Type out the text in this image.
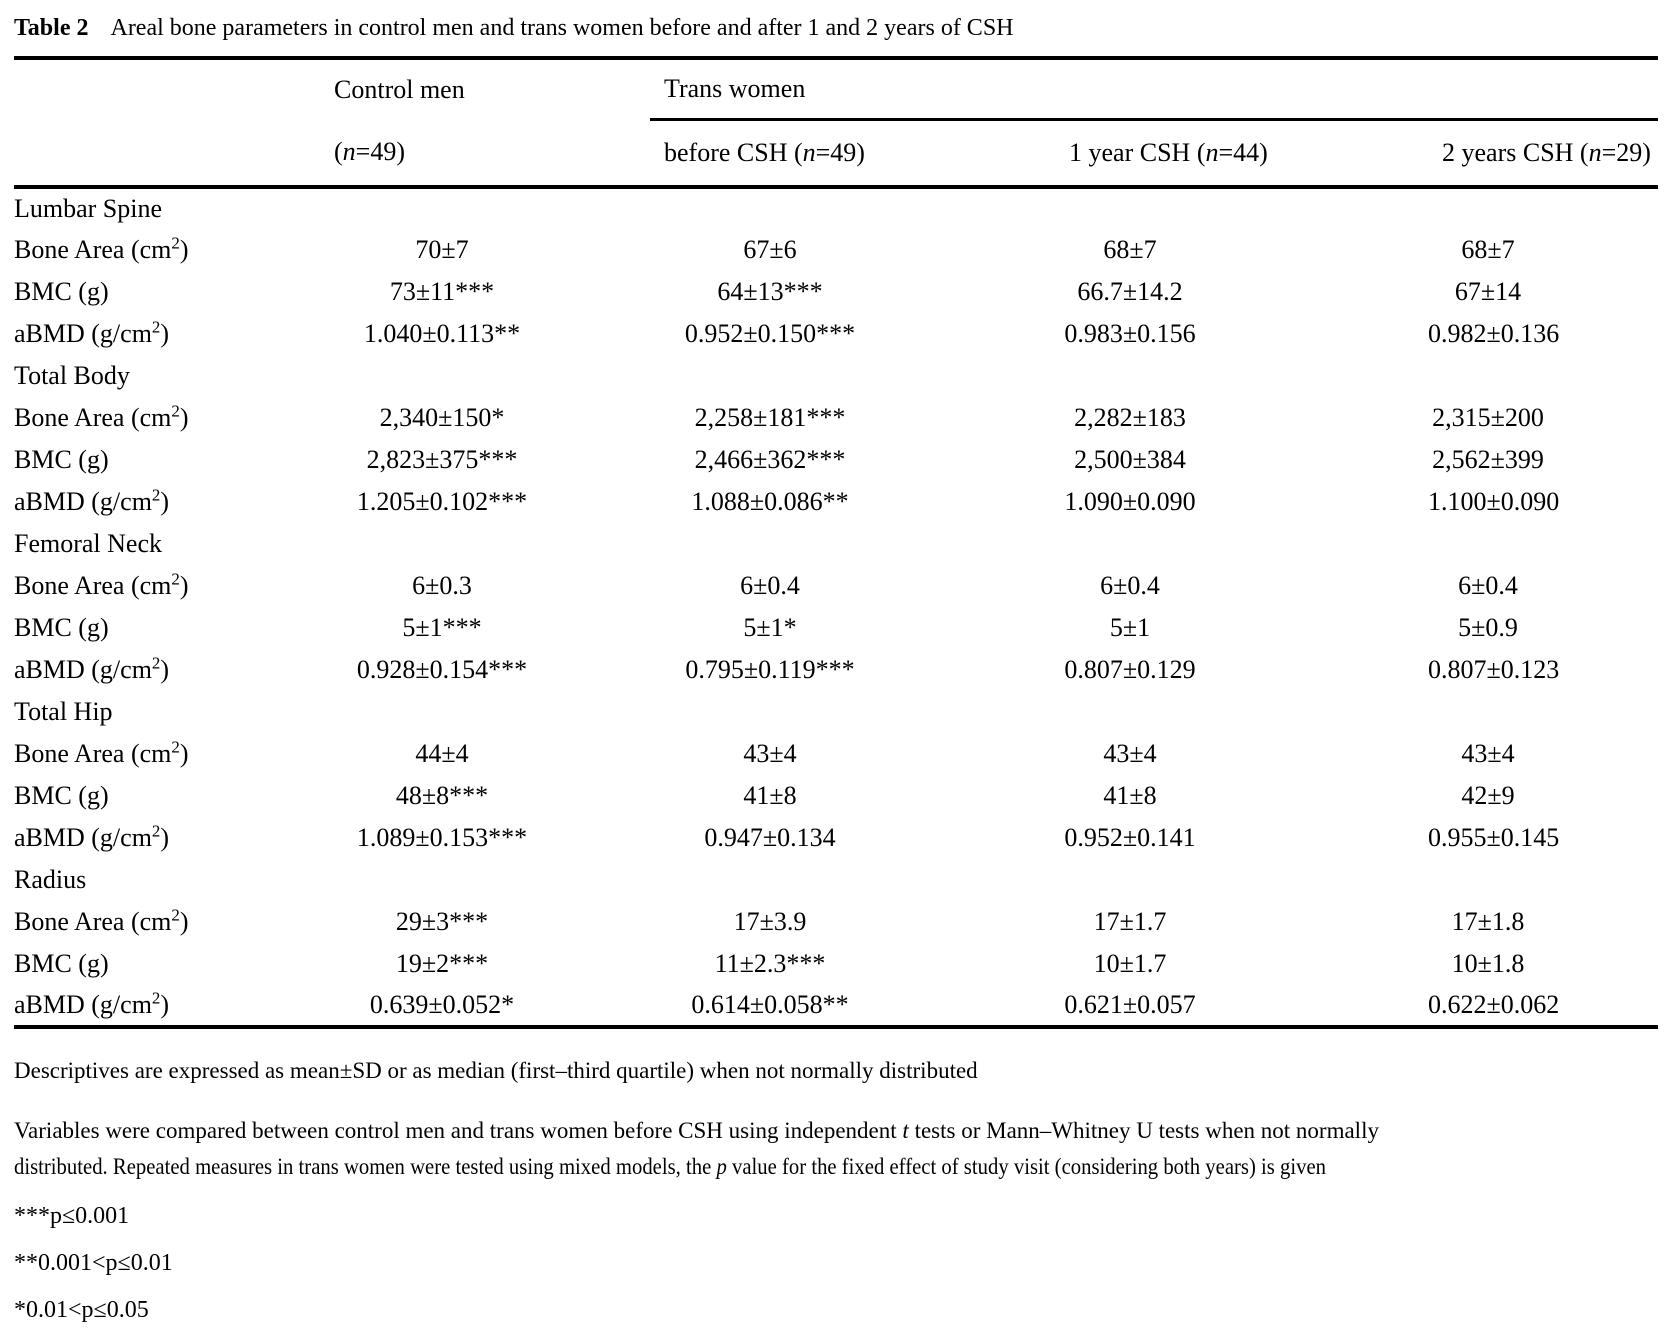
Table 2 Areal bone parameters in control men and trans women before and after 1 and 2 years of CSH
	Control men	Trans women		
	(n=49)	before CSH (n=49)	1 year CSH (n=44)	2 years CSH (n=29)
Lumbar Spine				
Bone Area $(cm^2)$	70±7	67±6	68±7	68±7
BMC (g)	73±11***	64±13***	66.7±14.2	67±14
aBMD $(g/cm^2)$	1.040±0.113**	0.952±0.150***	0.983±0.156	0.982±0.136
Total Body				
Bone Area $(cm^2)$	2,340±150*	2,258±181***	2,282±183	2,315±200
BMC (g)	2,823±375***	2,466±362***	2,500±384	2,562±399
aBMD $(g/cm^2)$	1.205±0.102***	1.088±0.086**	1.090±0.090	1.100±0.090
Femoral Neck				
Bone Area $(cm^2)$	6±0.3	6±0.4	6±0.4	6±0.4
BMC (g)	5±1***	5±1*	5±1	5±0.9
aBMD $(g/cm^2)$	0.928±0.154***	0.795±0.119***	0.807±0.129	0.807±0.123
Total Hip				
Bone Area $(cm^2)$	44±4	43±4	43±4	43±4
BMC (g)	48±8***	41±8	41±8	42±9
aBMD $(g/cm^2)$	1.089±0.153***	0.947±0.134	0.952±0.141	0.955±0.145
Radius				
Bone Area $(cm^2)$	29±3***	17±3.9	17±1.7	17±1.8
BMC (g)	19±2***	11±2.3***	10±1.7	10±1.8
aBMD $(g/cm^2)$	0.639±0.052*	0.614±0.058**	0.621±0.057	0.622±0.062

Descriptives are expressed as mean±SD or as median (first–third quartile) when not normally distributed

Variables were compared between control men and trans women before CSH using independent t tests or Mann–Whitney U tests when not normally
distributed. Repeated measures in trans women were tested using mixed models, the p value for the fixed effect of study visit (considering both years) is given

***p≤0.001

**0.001<p≤0.01

*0.01<p≤0.05
